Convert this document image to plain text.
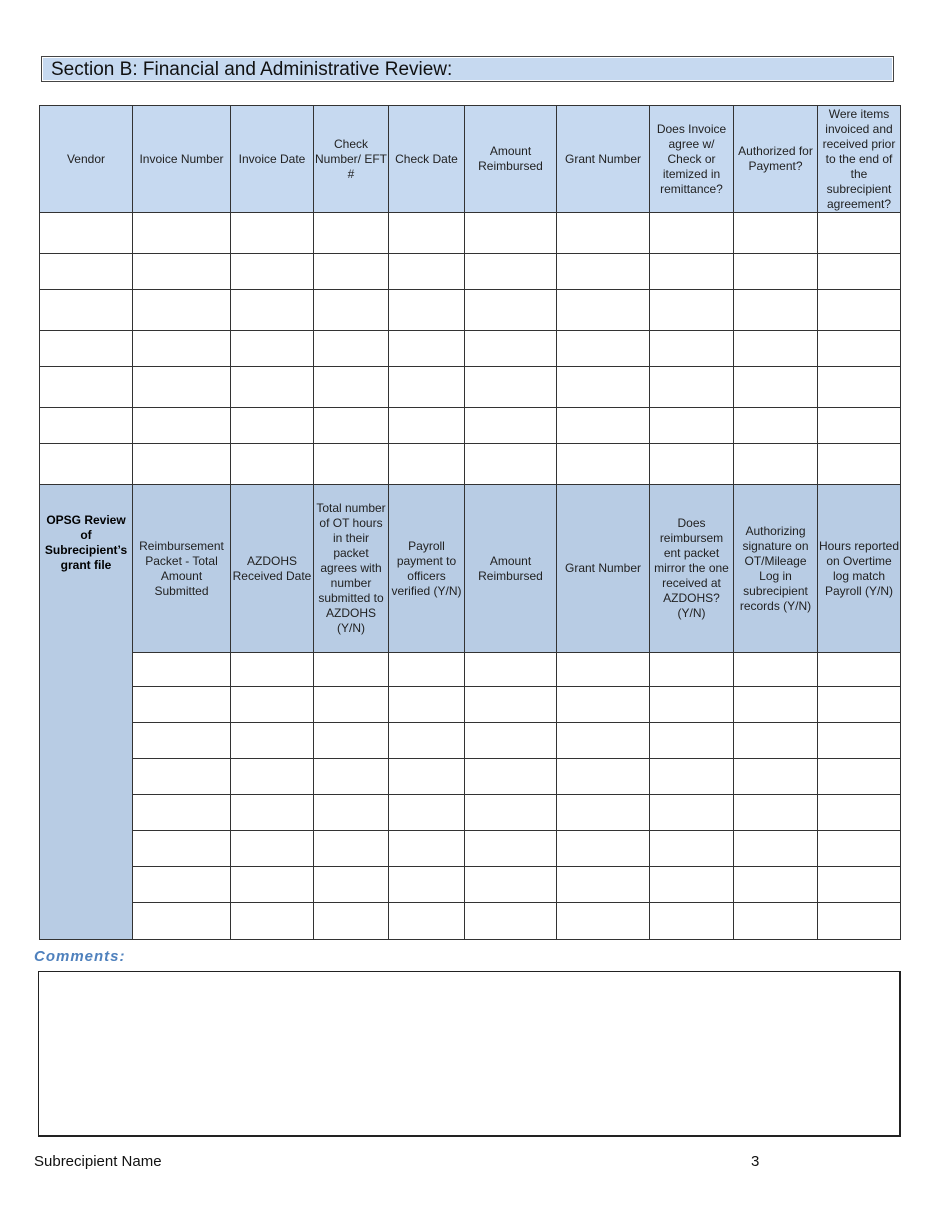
Section B: Financial and Administrative Review:
Vendor	Invoice Number	Invoice Date	Check Number/ EFT #	Check Date	Amount Reimbursed	Grant Number	Does Invoice agree w/ Check or itemized in remittance?	Authorized for Payment?	Were items invoiced and received prior to the end of the subrecipient agreement?

OPSG Review of Subrecipient’s grant file	Reimbursement Packet - Total Amount Submitted	AZDOHS Received Date	Total number of OT hours in their packet agrees with number submitted to AZDOHS (Y/N)	Payroll payment to officers verified (Y/N)	Amount Reimbursed	Grant Number	Does reimbursem ent packet mirror the one received at AZDOHS? (Y/N)	Authorizing signature on OT/Mileage Log in subrecipient records (Y/N)	Hours reported on Overtime log match Payroll (Y/N)

Comments:
Subrecipient Name	3
